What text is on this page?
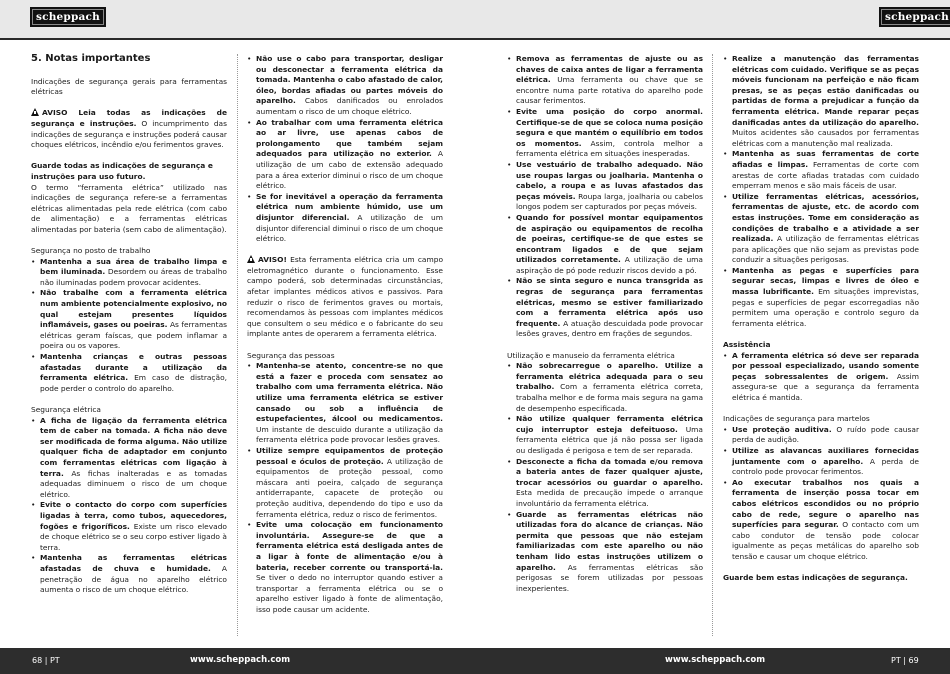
scheppach	scheppach
5. Notas importantes
Indicações de segurança gerais para ferramentas elétricas
AVISO Leia todas as indicações de segurança e instruções. O incumprimento das indicações de segurança e instruções poderá causar choques elétricos, incêndio e/ou ferimentos graves.
Guarde todas as indicações de segurança e instruções para uso futuro.
O termo “ferramenta elétrica” utilizado nas indicações de segurança refere-se a ferramentas elétricas alimentadas pela rede elétrica (com cabo de alimentação) e a ferramentas elétricas alimentadas por bateria (sem cabo de alimentação).
Segurança no posto de trabalho
• Mantenha a sua área de trabalho limpa e bem iluminada. Desordem ou áreas de trabalho não iluminadas podem provocar acidentes.
• Não trabalhe com a ferramenta elétrica num ambiente potencialmente explosivo, no qual estejam presentes líquidos inflamáveis, gases ou poeiras. As ferramentas elétricas geram faíscas, que podem inflamar a poeira ou os vapores.
• Mantenha crianças e outras pessoas afastadas durante a utilização da ferramenta elétrica. Em caso de distração, pode perder o controlo do aparelho.
Segurança elétrica
• A ficha de ligação da ferramenta elétrica tem de caber na tomada. A ficha não deve ser modificada de forma alguma. Não utilize qualquer ficha de adaptador em conjunto com ferramentas elétricas com ligação à terra. As fichas inalteradas e as tomadas adequadas diminuem o risco de um choque elétrico.
• Evite o contacto do corpo com superfícies ligadas à terra, como tubos, aquecedores, fogões e frigoríficos. Existe um risco elevado de choque elétrico se o seu corpo estiver ligado à terra.
• Mantenha as ferramentas elétricas afastadas de chuva e humidade. A penetração de água no aparelho elétrico aumenta o risco de um choque elétrico.
• Não use o cabo para transportar, desligar ou desconectar a ferramenta elétrica da tomada. Mantenha o cabo afastado de calor, óleo, bordas afiadas ou partes móveis do aparelho. Cabos danificados ou enrolados aumentam o risco de um choque elétrico.
• Ao trabalhar com uma ferramenta elétrica ao ar livre, use apenas cabos de prolongamento que também sejam adequados para utilização no exterior. A utilização de um cabo de extensão adequado para a área exterior diminui o risco de um choque elétrico.
• Se for inevitável a operação da ferramenta elétrica num ambiente húmido, use um disjuntor diferencial. A utilização de um disjuntor diferencial diminui o risco de um choque elétrico.
AVISO! Esta ferramenta elétrica cria um campo eletromagnético durante o funcionamento. Esse campo poderá, sob determinadas circunstâncias, afetar implantes médicos ativos e passivos. Para reduzir o risco de ferimentos graves ou mortais, recomendamos às pessoas com implantes médicos que consultem o seu médico e o fabricante do seu implante antes de operarem a ferramenta elétrica.
Segurança das pessoas
• Mantenha-se atento, concentre-se no que está a fazer e proceda com sensatez ao trabalho com uma ferramenta elétrica. Não utilize uma ferramenta elétrica se estiver cansado ou sob a influência de estupefacientes, álcool ou medicamentos. Um instante de descuido durante a utilização da ferramenta elétrica pode provocar lesões graves.
• Utilize sempre equipamentos de proteção pessoal e óculos de proteção. A utilização de equipamentos de proteção pessoal, como máscara anti poeira, calçado de segurança antiderrapante, capacete de proteção ou proteção auditiva, dependendo do tipo e uso da ferramenta elétrica, reduz o risco de ferimentos.
• Evite uma colocação em funcionamento involuntária. Assegure-se de que a ferramenta elétrica está desligada antes de a ligar à fonte de alimentação e/ou à bateria, receber corrente ou transportá-la. Se tiver o dedo no interruptor quando estiver a transportar a ferramenta elétrica ou se o aparelho estiver ligado à fonte de alimentação, isso pode causar um acidente.
• Remova as ferramentas de ajuste ou as chaves de caixa antes de ligar a ferramenta elétrica. Uma ferramenta ou chave que se encontre numa parte rotativa do aparelho pode causar ferimentos.
• Evite uma posição do corpo anormal. Certifique-se de que se coloca numa posição segura e que mantém o equilíbrio em todos os momentos. Assim, controla melhor a ferramenta elétrica em situações inesperadas.
• Use vestuário de trabalho adequado. Não use roupas largas ou joalharia. Mantenha o cabelo, a roupa e as luvas afastados das peças móveis. Roupa larga, joalharia ou cabelos longos podem ser capturados por peças móveis.
• Quando for possível montar equipamentos de aspiração ou equipamentos de recolha de poeiras, certifique-se de que estes se encontram ligados e de que sejam utilizados corretamente. A utilização de uma aspiração de pó pode reduzir riscos devido a pó.
• Não se sinta seguro e nunca transgrida as regras de segurança para ferramentas elétricas, mesmo se estiver familiarizado com a ferramenta elétrica após uso frequente. A atuação descuidada pode provocar lesões graves, dentro em frações de segundos.
Utilização e manuseio da ferramenta elétrica
• Não sobrecarregue o aparelho. Utilize a ferramenta elétrica adequada para o seu trabalho. Com a ferramenta elétrica correta, trabalha melhor e de forma mais segura na gama de desempenho especificada.
• Não utilize qualquer ferramenta elétrica cujo interruptor esteja defeituoso. Uma ferramenta elétrica que já não possa ser ligada ou desligada é perigosa e tem de ser reparada.
• Desconecte a ficha da tomada e/ou remova a bateria antes de fazer qualquer ajuste, trocar acessórios ou guardar o aparelho. Esta medida de precaução impede o arranque involuntário da ferramenta elétrica.
• Guarde as ferramentas elétricas não utilizadas fora do alcance de crianças. Não permita que pessoas que não estejam familiarizadas com este aparelho ou não tenham lido estas instruções utilizem o aparelho. As ferramentas elétricas são perigosas se forem utilizadas por pessoas inexperientes.
• Realize a manutenção das ferramentas elétricas com cuidado. Verifique se as peças móveis funcionam na perfeição e não ficam presas, se as peças estão danificadas ou partidas de forma a prejudicar a função da ferramenta elétrica. Mande reparar peças danificadas antes da utilização do aparelho. Muitos acidentes são causados por ferramentas elétricas com a manutenção mal realizada.
• Mantenha as suas ferramentas de corte afiadas e limpas. Ferramentas de corte com arestas de corte afiadas tratadas com cuidado emperram menos e são mais fáceis de usar.
• Utilize ferramentas elétricas, acessórios, ferramentas de ajuste, etc. de acordo com estas instruções. Tome em consideração as condições de trabalho e a atividade a ser realizada. A utilização de ferramentas elétricas para aplicações que não sejam as previstas pode conduzir a situações perigosas.
• Mantenha as pegas e superfícies para segurar secas, limpas e livres de óleo e massa lubrificante. Em situações imprevistas, pegas e superfícies de pegar escorregadias não permitem uma operação e controlo seguro da ferramenta elétrica.
Assistência
• A ferramenta elétrica só deve ser reparada por pessoal especializado, usando somente peças sobressalentes de origem. Assim assegura-se que a segurança da ferramenta elétrica é mantida.
Indicações de segurança para martelos
• Use proteção auditiva. O ruído pode causar perda de audição.
• Utilize as alavancas auxiliares fornecidas juntamente com o aparelho. A perda de controlo pode provocar ferimentos.
• Ao executar trabalhos nos quais a ferramenta de inserção possa tocar em cabos elétricos escondidos ou no próprio cabo de rede, segure o aparelho nas superfícies para segurar. O contacto com um cabo condutor de tensão pode colocar igualmente as peças metálicas do aparelho sob tensão e causar um choque elétrico.
Guarde bem estas indicações de segurança.
68 | PT	www.scheppach.com	www.scheppach.com	PT | 69
